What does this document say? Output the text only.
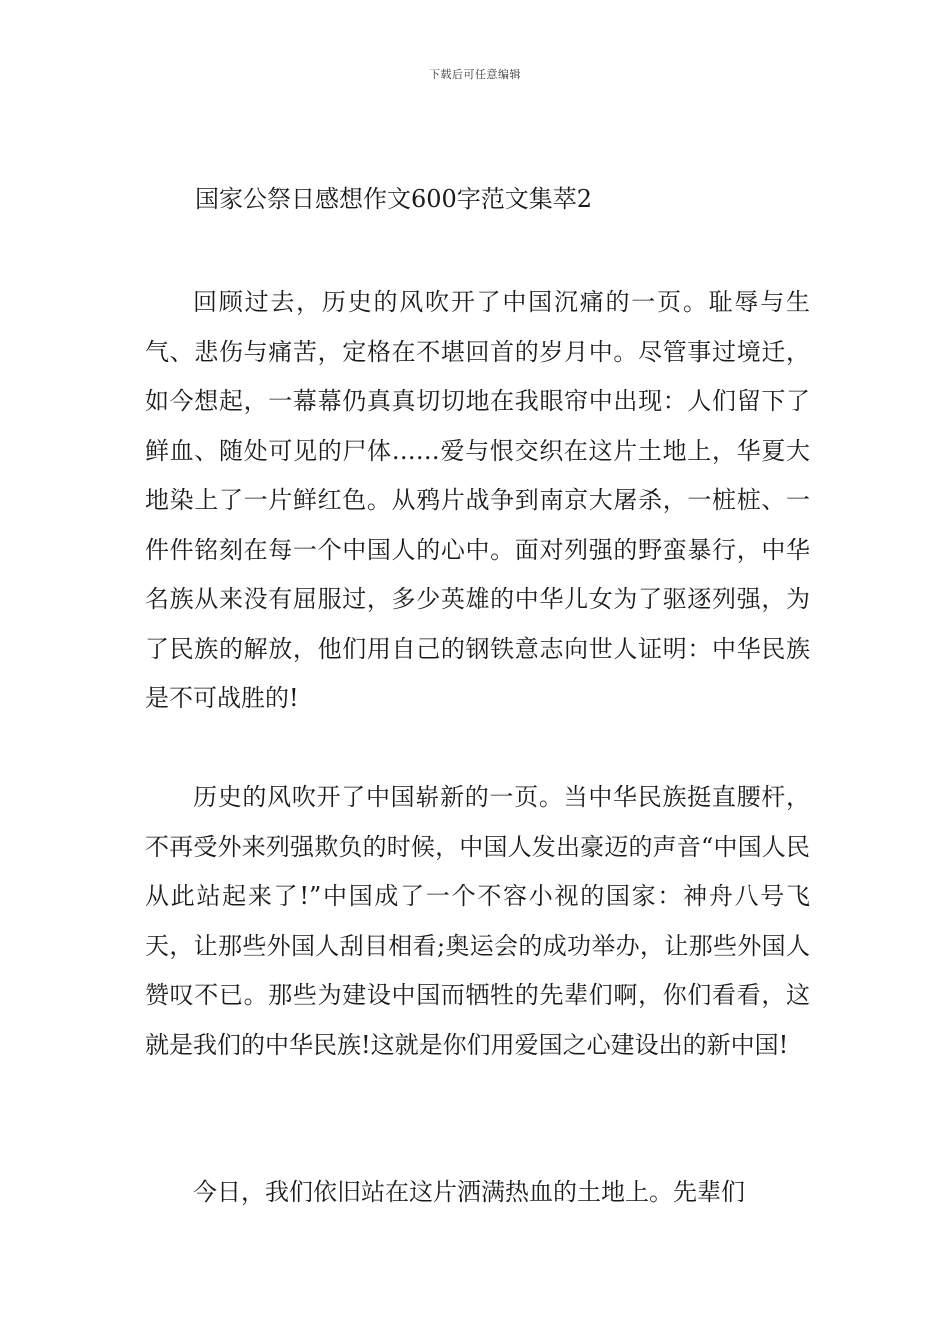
下载后可任意编辑
国家公祭日感想作文600字范文集萃2

回顾过去，历史的风吹开了中国沉痛的一页。耻辱与生气、悲伤与痛苦，定格在不堪回首的岁月中。尽管事过境迁，如今想起，一幕幕仍真真切切地在我眼帘中出现：人们留下了鲜血、随处可见的尸体……爱与恨交织在这片土地上，华夏大地染上了一片鲜红色。从鸦片战争到南京大屠杀，一桩桩、一件件铭刻在每一个中国人的心中。面对列强的野蛮暴行，中华名族从来没有屈服过，多少英雄的中华儿女为了驱逐列强，为了民族的解放，他们用自己的钢铁意志向世人证明：中华民族是不可战胜的!

历史的风吹开了中国崭新的一页。当中华民族挺直腰杆，不再受外来列强欺负的时候，中国人发出豪迈的声音“中国人民从此站起来了!”中国成了一个不容小视的国家：神舟八号飞天，让那些外国人刮目相看;奥运会的成功举办，让那些外国人赞叹不已。那些为建设中国而牺牲的先辈们啊，你们看看，这就是我们的中华民族!这就是你们用爱国之心建设出的新中国!

今日，我们依旧站在这片洒满热血的土地上。先辈们
